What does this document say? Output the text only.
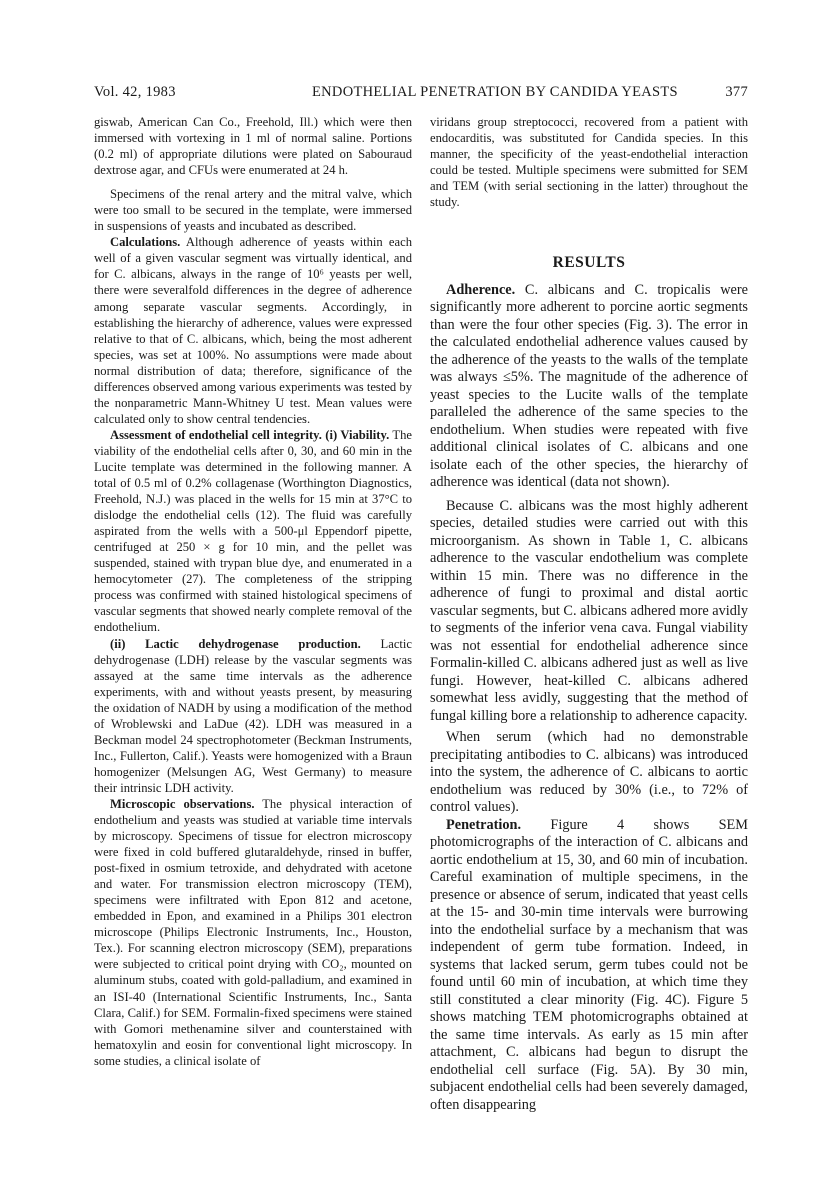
Vol. 42, 1983	ENDOTHELIAL PENETRATION BY CANDIDA YEASTS	377

giswab, American Can Co., Freehold, Ill.) which were then immersed with vortexing in 1 ml of normal saline. Portions (0.2 ml) of appropriate dilutions were plated on Sabouraud dextrose agar, and CFUs were enumerated at 24 h.

Specimens of the renal artery and the mitral valve, which were too small to be secured in the template, were immersed in suspensions of yeasts and incubated as described.

Calculations. Although adherence of yeasts within each well of a given vascular segment was virtually identical, and for C. albicans, always in the range of 10⁶ yeasts per well, there were severalfold differences in the degree of adherence among separate vascular segments. Accordingly, in establishing the hierarchy of adherence, values were expressed relative to that of C. albicans, which, being the most adherent species, was set at 100%. No assumptions were made about normal distribution of data; therefore, significance of the differences observed among various experiments was tested by the nonparametric Mann-Whitney U test. Mean values were calculated only to show central tendencies.

Assessment of endothelial cell integrity. (i) Viability. The viability of the endothelial cells after 0, 30, and 60 min in the Lucite template was determined in the following manner. A total of 0.5 ml of 0.2% collagenase (Worthington Diagnostics, Freehold, N.J.) was placed in the wells for 15 min at 37°C to dislodge the endothelial cells (12). The fluid was carefully aspirated from the wells with a 500-μl Eppendorf pipette, centrifuged at 250 × g for 10 min, and the pellet was suspended, stained with trypan blue dye, and enumerated in a hemocytometer (27). The completeness of the stripping process was confirmed with stained histological specimens of vascular segments that showed nearly complete removal of the endothelium.

(ii) Lactic dehydrogenase production. Lactic dehydrogenase (LDH) release by the vascular segments was assayed at the same time intervals as the adherence experiments, with and without yeasts present, by measuring the oxidation of NADH by using a modification of the method of Wroblewski and LaDue (42). LDH was measured in a Beckman model 24 spectrophotometer (Beckman Instruments, Inc., Fullerton, Calif.). Yeasts were homogenized with a Braun homogenizer (Melsungen AG, West Germany) to measure their intrinsic LDH activity.

Microscopic observations. The physical interaction of endothelium and yeasts was studied at variable time intervals by microscopy. Specimens of tissue for electron microscopy were fixed in cold buffered glutaraldehyde, rinsed in buffer, post-fixed in osmium tetroxide, and dehydrated with acetone and water. For transmission electron microscopy (TEM), specimens were infiltrated with Epon 812 and acetone, embedded in Epon, and examined in a Philips 301 electron microscope (Philips Electronic Instruments, Inc., Houston, Tex.). For scanning electron microscopy (SEM), preparations were subjected to critical point drying with CO₂, mounted on aluminum stubs, coated with gold-palladium, and examined in an ISI-40 (International Scientific Instruments, Inc., Santa Clara, Calif.) for SEM. Formalin-fixed specimens were stained with Gomori methenamine silver and counterstained with hematoxylin and eosin for conventional light microscopy. In some studies, a clinical isolate of

viridans group streptococci, recovered from a patient with endocarditis, was substituted for Candida species. In this manner, the specificity of the yeast-endothelial interaction could be tested. Multiple specimens were submitted for SEM and TEM (with serial sectioning in the latter) throughout the study.

RESULTS

Adherence. C. albicans and C. tropicalis were significantly more adherent to porcine aortic segments than were the four other species (Fig. 3). The error in the calculated endothelial adherence values caused by the adherence of the yeasts to the walls of the template was always ≤5%. The magnitude of the adherence of yeast species to the Lucite walls of the template paralleled the adherence of the same species to the endothelium. When studies were repeated with five additional clinical isolates of C. albicans and one isolate each of the other species, the hierarchy of adherence was identical (data not shown).

Because C. albicans was the most highly adherent species, detailed studies were carried out with this microorganism. As shown in Table 1, C. albicans adherence to the vascular endothelium was complete within 15 min. There was no difference in the adherence of fungi to proximal and distal aortic vascular segments, but C. albicans adhered more avidly to segments of the inferior vena cava. Fungal viability was not essential for endothelial adherence since Formalin-killed C. albicans adhered just as well as live fungi. However, heat-killed C. albicans adhered somewhat less avidly, suggesting that the method of fungal killing bore a relationship to adherence capacity.

When serum (which had no demonstrable precipitating antibodies to C. albicans) was introduced into the system, the adherence of C. albicans to aortic endothelium was reduced by 30% (i.e., to 72% of control values).

Penetration. Figure 4 shows SEM photomicrographs of the interaction of C. albicans and aortic endothelium at 15, 30, and 60 min of incubation. Careful examination of multiple specimens, in the presence or absence of serum, indicated that yeast cells at the 15- and 30-min time intervals were burrowing into the endothelial surface by a mechanism that was independent of germ tube formation. Indeed, in systems that lacked serum, germ tubes could not be found until 60 min of incubation, at which time they still constituted a clear minority (Fig. 4C). Figure 5 shows matching TEM photomicrographs obtained at the same time intervals. As early as 15 min after attachment, C. albicans had begun to disrupt the endothelial cell surface (Fig. 5A). By 30 min, subjacent endothelial cells had been severely damaged, often disappearing
